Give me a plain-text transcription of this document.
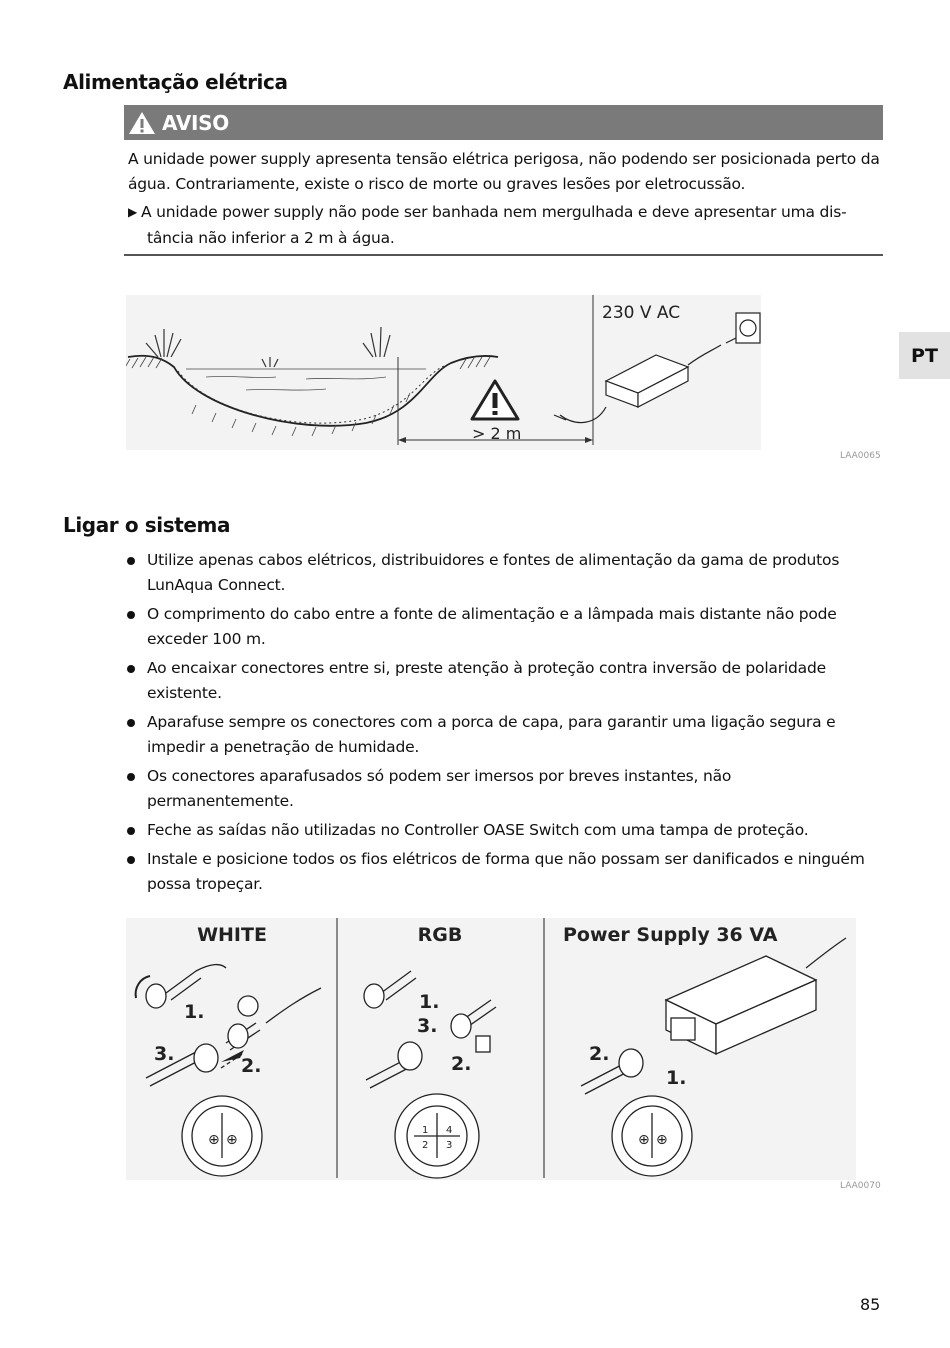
Alimentação elétrica
AVISO
A unidade power supply apresenta tensão elétrica perigosa, não podendo ser posicionada perto da água. Contrariamente, existe o risco de morte ou graves lesões por eletrocussão.
▶ A unidade power supply não pode ser banhada nem mergulhada e deve apresentar uma dis-
tância não inferior a 2 m à água.
> 2 m
230 V AC
LAA0065
PT
Ligar o sistema
Utilize apenas cabos elétricos, distribuidores e fontes de alimentação da gama de produtos LunAqua Connect.
O comprimento do cabo entre a fonte de alimentação e a lâmpada mais distante não pode exceder 100 m.
Ao encaixar conectores entre si, preste atenção à proteção contra inversão de polaridade existente.
Aparafuse sempre os conectores com a porca de capa, para garantir uma ligação segura e impedir a penetração de humidade.
Os conectores aparafusados só podem ser imersos por breves instantes, não permanentemente.
Feche as saídas não utilizadas no Controller OASE Switch com uma tampa de proteção.
Instale e posicione todos os fios elétricos de forma que não possam ser danificados e ninguém possa tropeçar.
WHITE	RGB	Power Supply 36 VA
1.
2.
3.
⊕ ⊕
1.
2.
3.
1
2 3
4
2.
1.
⊕ ⊕
LAA0070
85
